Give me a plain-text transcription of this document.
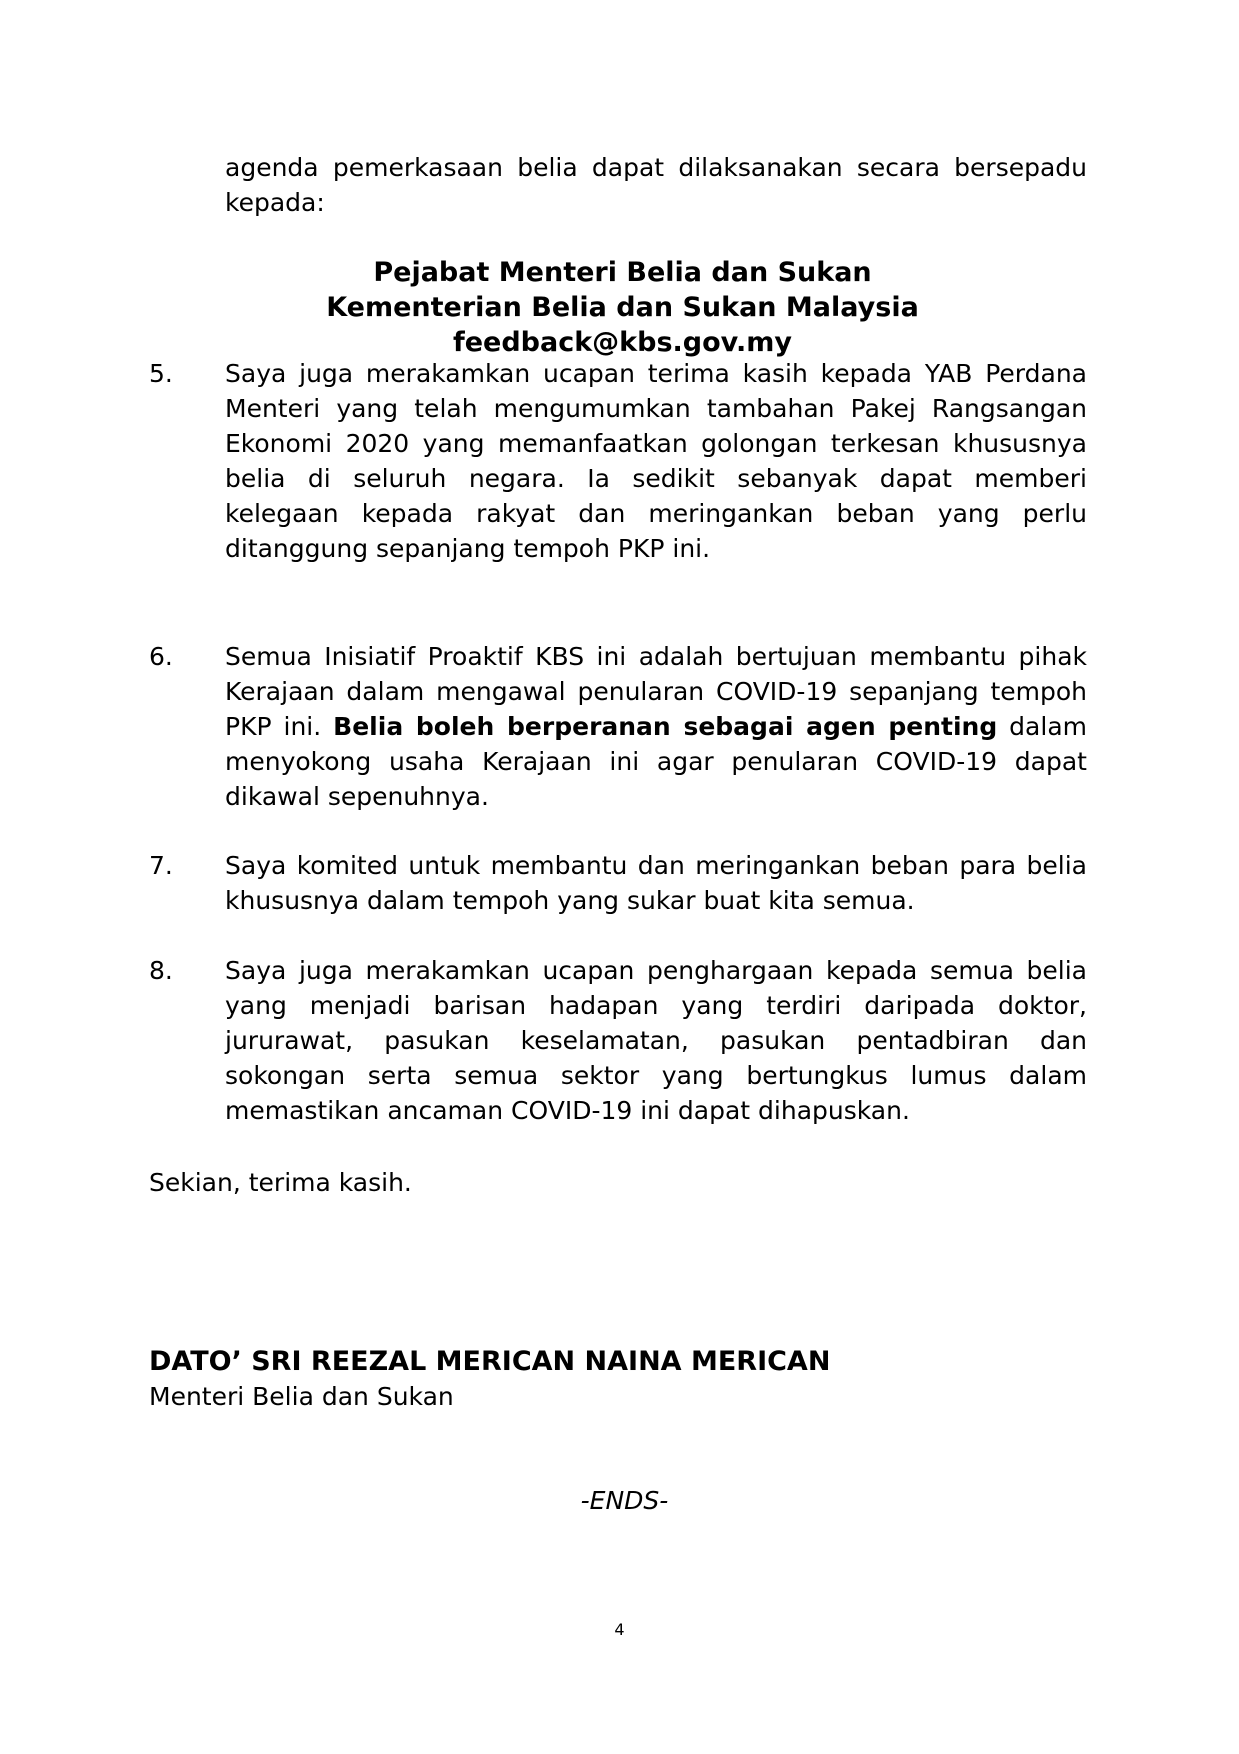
agenda pemerkasaan belia dapat dilaksanakan secara bersepadu kepada:
Pejabat Menteri Belia dan Sukan
Kementerian Belia dan Sukan Malaysia
feedback@kbs.gov.my
5.	Saya juga merakamkan ucapan terima kasih kepada YAB Perdana Menteri yang telah mengumumkan tambahan Pakej Rangsangan Ekonomi 2020 yang memanfaatkan golongan terkesan khususnya belia di seluruh negara. Ia sedikit sebanyak dapat memberi kelegaan kepada rakyat dan meringankan beban yang perlu ditanggung sepanjang tempoh PKP ini.
6.	Semua Inisiatif Proaktif KBS ini adalah bertujuan membantu pihak Kerajaan dalam mengawal penularan COVID-19 sepanjang tempoh PKP ini. Belia boleh berperanan sebagai agen penting dalam menyokong usaha Kerajaan ini agar penularan COVID-19 dapat dikawal sepenuhnya.
7.	Saya komited untuk membantu dan meringankan beban para belia khususnya dalam tempoh yang sukar buat kita semua.
8.	Saya juga merakamkan ucapan penghargaan kepada semua belia yang menjadi barisan hadapan yang terdiri daripada doktor, jururawat, pasukan keselamatan, pasukan pentadbiran dan sokongan serta semua sektor yang bertungkus lumus dalam memastikan ancaman COVID-19 ini dapat dihapuskan.
Sekian, terima kasih.
DATO’ SRI REEZAL MERICAN NAINA MERICAN
Menteri Belia dan Sukan
-ENDS-
4
